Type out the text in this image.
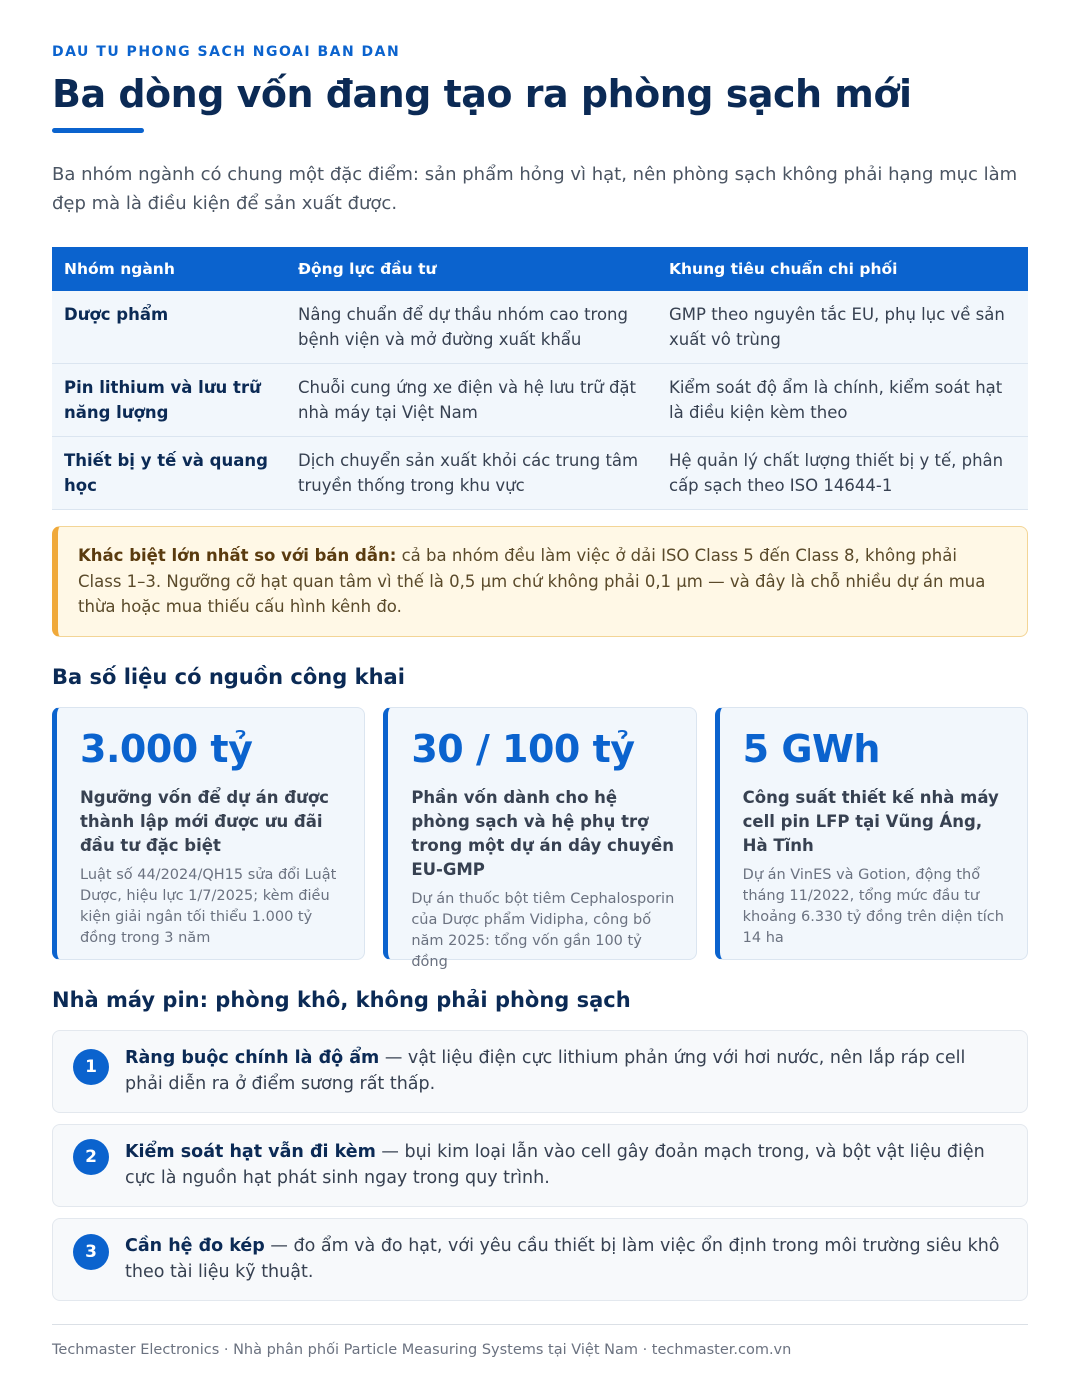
DAU TU PHONG SACH NGOAI BAN DAN
Ba dòng vốn đang tạo ra phòng sạch mới

Ba nhóm ngành có chung một đặc điểm: sản phẩm hỏng vì hạt, nên phòng sạch không phải hạng mục làm đẹp mà là điều kiện để sản xuất được.

Nhóm ngành	Động lực đầu tư	Khung tiêu chuẩn chi phối
Dược phẩm	Nâng chuẩn để dự thầu nhóm cao trong bệnh viện và mở đường xuất khẩu	GMP theo nguyên tắc EU, phụ lục về sản xuất vô trùng
Pin lithium và lưu trữ năng lượng	Chuỗi cung ứng xe điện và hệ lưu trữ đặt nhà máy tại Việt Nam	Kiểm soát độ ẩm là chính, kiểm soát hạt là điều kiện kèm theo
Thiết bị y tế và quang học	Dịch chuyển sản xuất khỏi các trung tâm truyền thống trong khu vực	Hệ quản lý chất lượng thiết bị y tế, phân cấp sạch theo ISO 14644-1
Khác biệt lớn nhất so với bán dẫn: cả ba nhóm đều làm việc ở dải ISO Class 5 đến Class 8, không phải Class 1–3. Ngưỡng cỡ hạt quan tâm vì thế là 0,5 µm chứ không phải 0,1 µm — và đây là chỗ nhiều dự án mua thừa hoặc mua thiếu cấu hình kênh đo.
Ba số liệu có nguồn công khai
3.000 tỷ
Ngưỡng vốn để dự án được thành lập mới được ưu đãi đầu tư đặc biệt
Luật số 44/2024/QH15 sửa đổi Luật Dược, hiệu lực 1/7/2025; kèm điều kiện giải ngân tối thiểu 1.000 tỷ đồng trong 3 năm
30 / 100 tỷ
Phần vốn dành cho hệ phòng sạch và hệ phụ trợ trong một dự án dây chuyền EU-GMP
Dự án thuốc bột tiêm Cephalosporin của Dược phẩm Vidipha, công bố năm 2025: tổng vốn gần 100 tỷ đồng
5 GWh
Công suất thiết kế nhà máy cell pin LFP tại Vũng Áng, Hà Tĩnh
Dự án VinES và Gotion, động thổ tháng 11/2022, tổng mức đầu tư khoảng 6.330 tỷ đồng trên diện tích 14 ha
Nhà máy pin: phòng khô, không phải phòng sạch
1	Ràng buộc chính là độ ẩm — vật liệu điện cực lithium phản ứng với hơi nước, nên lắp ráp cell phải diễn ra ở điểm sương rất thấp.
2	Kiểm soát hạt vẫn đi kèm — bụi kim loại lẫn vào cell gây đoản mạch trong, và bột vật liệu điện cực là nguồn hạt phát sinh ngay trong quy trình.
3	Cần hệ đo kép — đo ẩm và đo hạt, với yêu cầu thiết bị làm việc ổn định trong môi trường siêu khô theo tài liệu kỹ thuật.
Techmaster Electronics · Nhà phân phối Particle Measuring Systems tại Việt Nam · techmaster.com.vn
